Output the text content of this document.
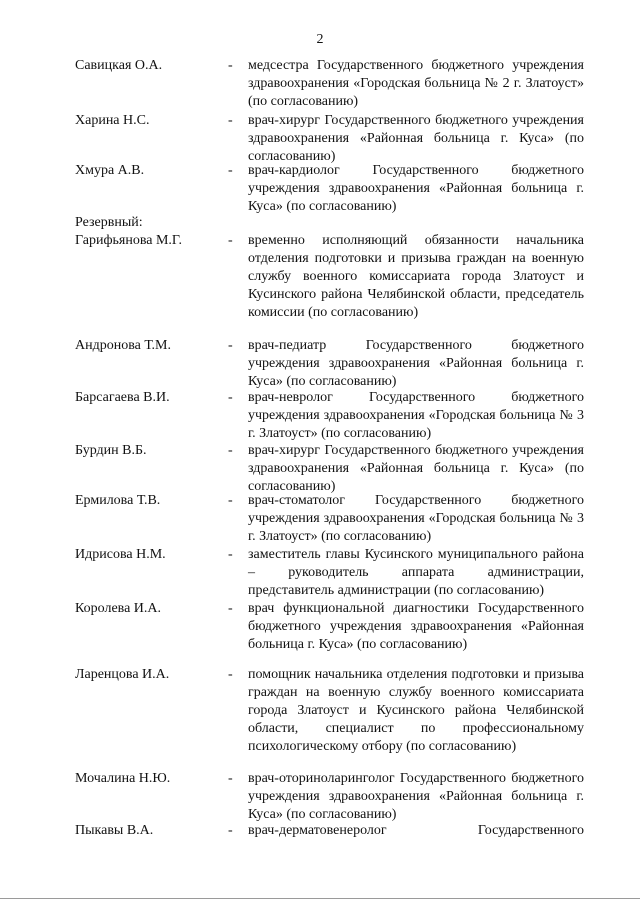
2
Савицкая О.А.	- медсестра Государственного бюджетного учреждения здравоохранения «Городская больница № 2 г. Златоуст» (по согласованию)
Харина Н.С.	- врач-хирург Государственного бюджетного учреждения здравоохранения «Районная больница г. Куса» (по согласованию)
Хмура А.В.	- врач-кардиолог Государственного бюджетного учреждения здравоохранения «Районная больница г. Куса» (по согласованию)
Резервный:
Гарифьянова М.Г.	- временно исполняющий обязанности начальника отделения подготовки и призыва граждан на военную службу военного комиссариата города Златоуст и Кусинского района Челябинской области, председатель комиссии (по согласованию)
Андронова Т.М.	- врач-педиатр Государственного бюджетного учреждения здравоохранения «Районная больница г. Куса» (по согласованию)
Барсагаева В.И.	- врач-невролог Государственного бюджетного учреждения здравоохранения «Городская больница № 3 г. Златоуст» (по согласованию)
Бурдин В.Б.	- врач-хирург Государственного бюджетного учреждения здравоохранения «Районная больница г. Куса» (по согласованию)
Ермилова Т.В.	- врач-стоматолог Государственного бюджетного учреждения здравоохранения «Городская больница № 3 г. Златоуст» (по согласованию)
Идрисова Н.М.	- заместитель главы Кусинского муниципального района – руководитель аппарата администрации, представитель администрации (по согласованию)
Королева И.А.	- врач функциональной диагностики Государственного бюджетного учреждения здравоохранения «Районная больница г. Куса» (по согласованию)
Ларенцова И.А.	- помощник начальника отделения подготовки и призыва граждан на военную службу военного комиссариата города Златоуст и Кусинского района Челябинской области, специалист по профессиональному психологическому отбору (по согласованию)
Мочалина Н.Ю.	- врач-оториноларинголог Государственного бюджетного учреждения здравоохранения «Районная больница г. Куса» (по согласованию)
Пыкавы В.А.	- врач-дерматовенеролог Государственного
